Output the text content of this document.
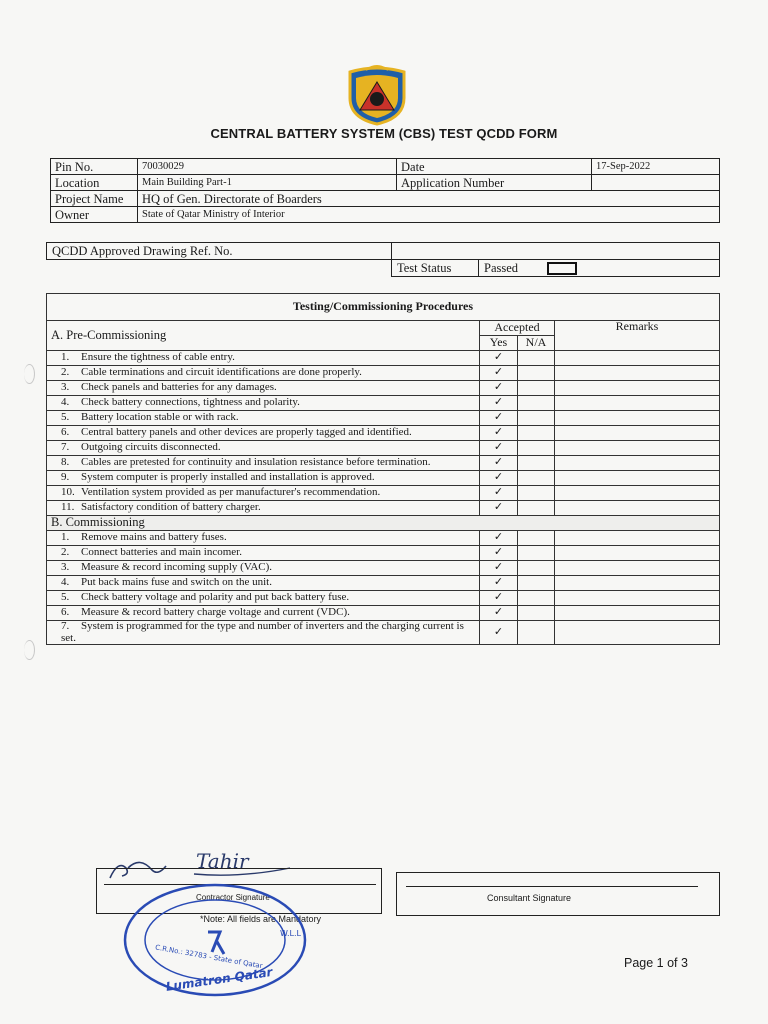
CENTRAL BATTERY SYSTEM (CBS) TEST QCDD FORM
Pin No.	70030029	Date	17-Sep-2022
Location	Main Building Part-1	Application Number	
Project Name	HQ of Gen. Directorate of Boarders		
Owner	State of Qatar Ministry of Interior		
QCDD Approved Drawing Ref. No.		
	Test Status	Passed
Testing/Commissioning Procedures			
A. Pre-Commissioning	Accepted		Remarks
	Yes	N/A	
1. Ensure the tightness of cable entry.	✓		
2. Cable terminations and circuit identifications are done properly.	✓		
3. Check panels and batteries for any damages.	✓		
4. Check battery connections, tightness and polarity.	✓		
5. Battery location stable or with rack.	✓		
6. Central battery panels and other devices are properly tagged and identified.	✓		
7. Outgoing circuits disconnected.	✓		
8. Cables are pretested for continuity and insulation resistance before termination.	✓		
9. System computer is properly installed and installation is approved.	✓		
10. Ventilation system provided as per manufacturer's recommendation.	✓		
11. Satisfactory condition of battery charger.	✓		
B. Commissioning			
1. Remove mains and battery fuses.	✓		
2. Connect batteries and main incomer.	✓		
3. Measure & record incoming supply (VAC).	✓		
4. Put back mains fuse and switch on the unit.	✓		
5. Check battery voltage and polarity and put back battery fuse.	✓		
6. Measure & record battery charge voltage and current (VDC).	✓		
7. System is programmed for the type and number of inverters and the charging current is set.	✓		
Tahir
Contractor Signature	Consultant Signature
*Note: All fields are Mandatory
W.L.L
C.R.No.: 32783 - State of Qatar
Lumatron Qatar
Page 1 of 3
